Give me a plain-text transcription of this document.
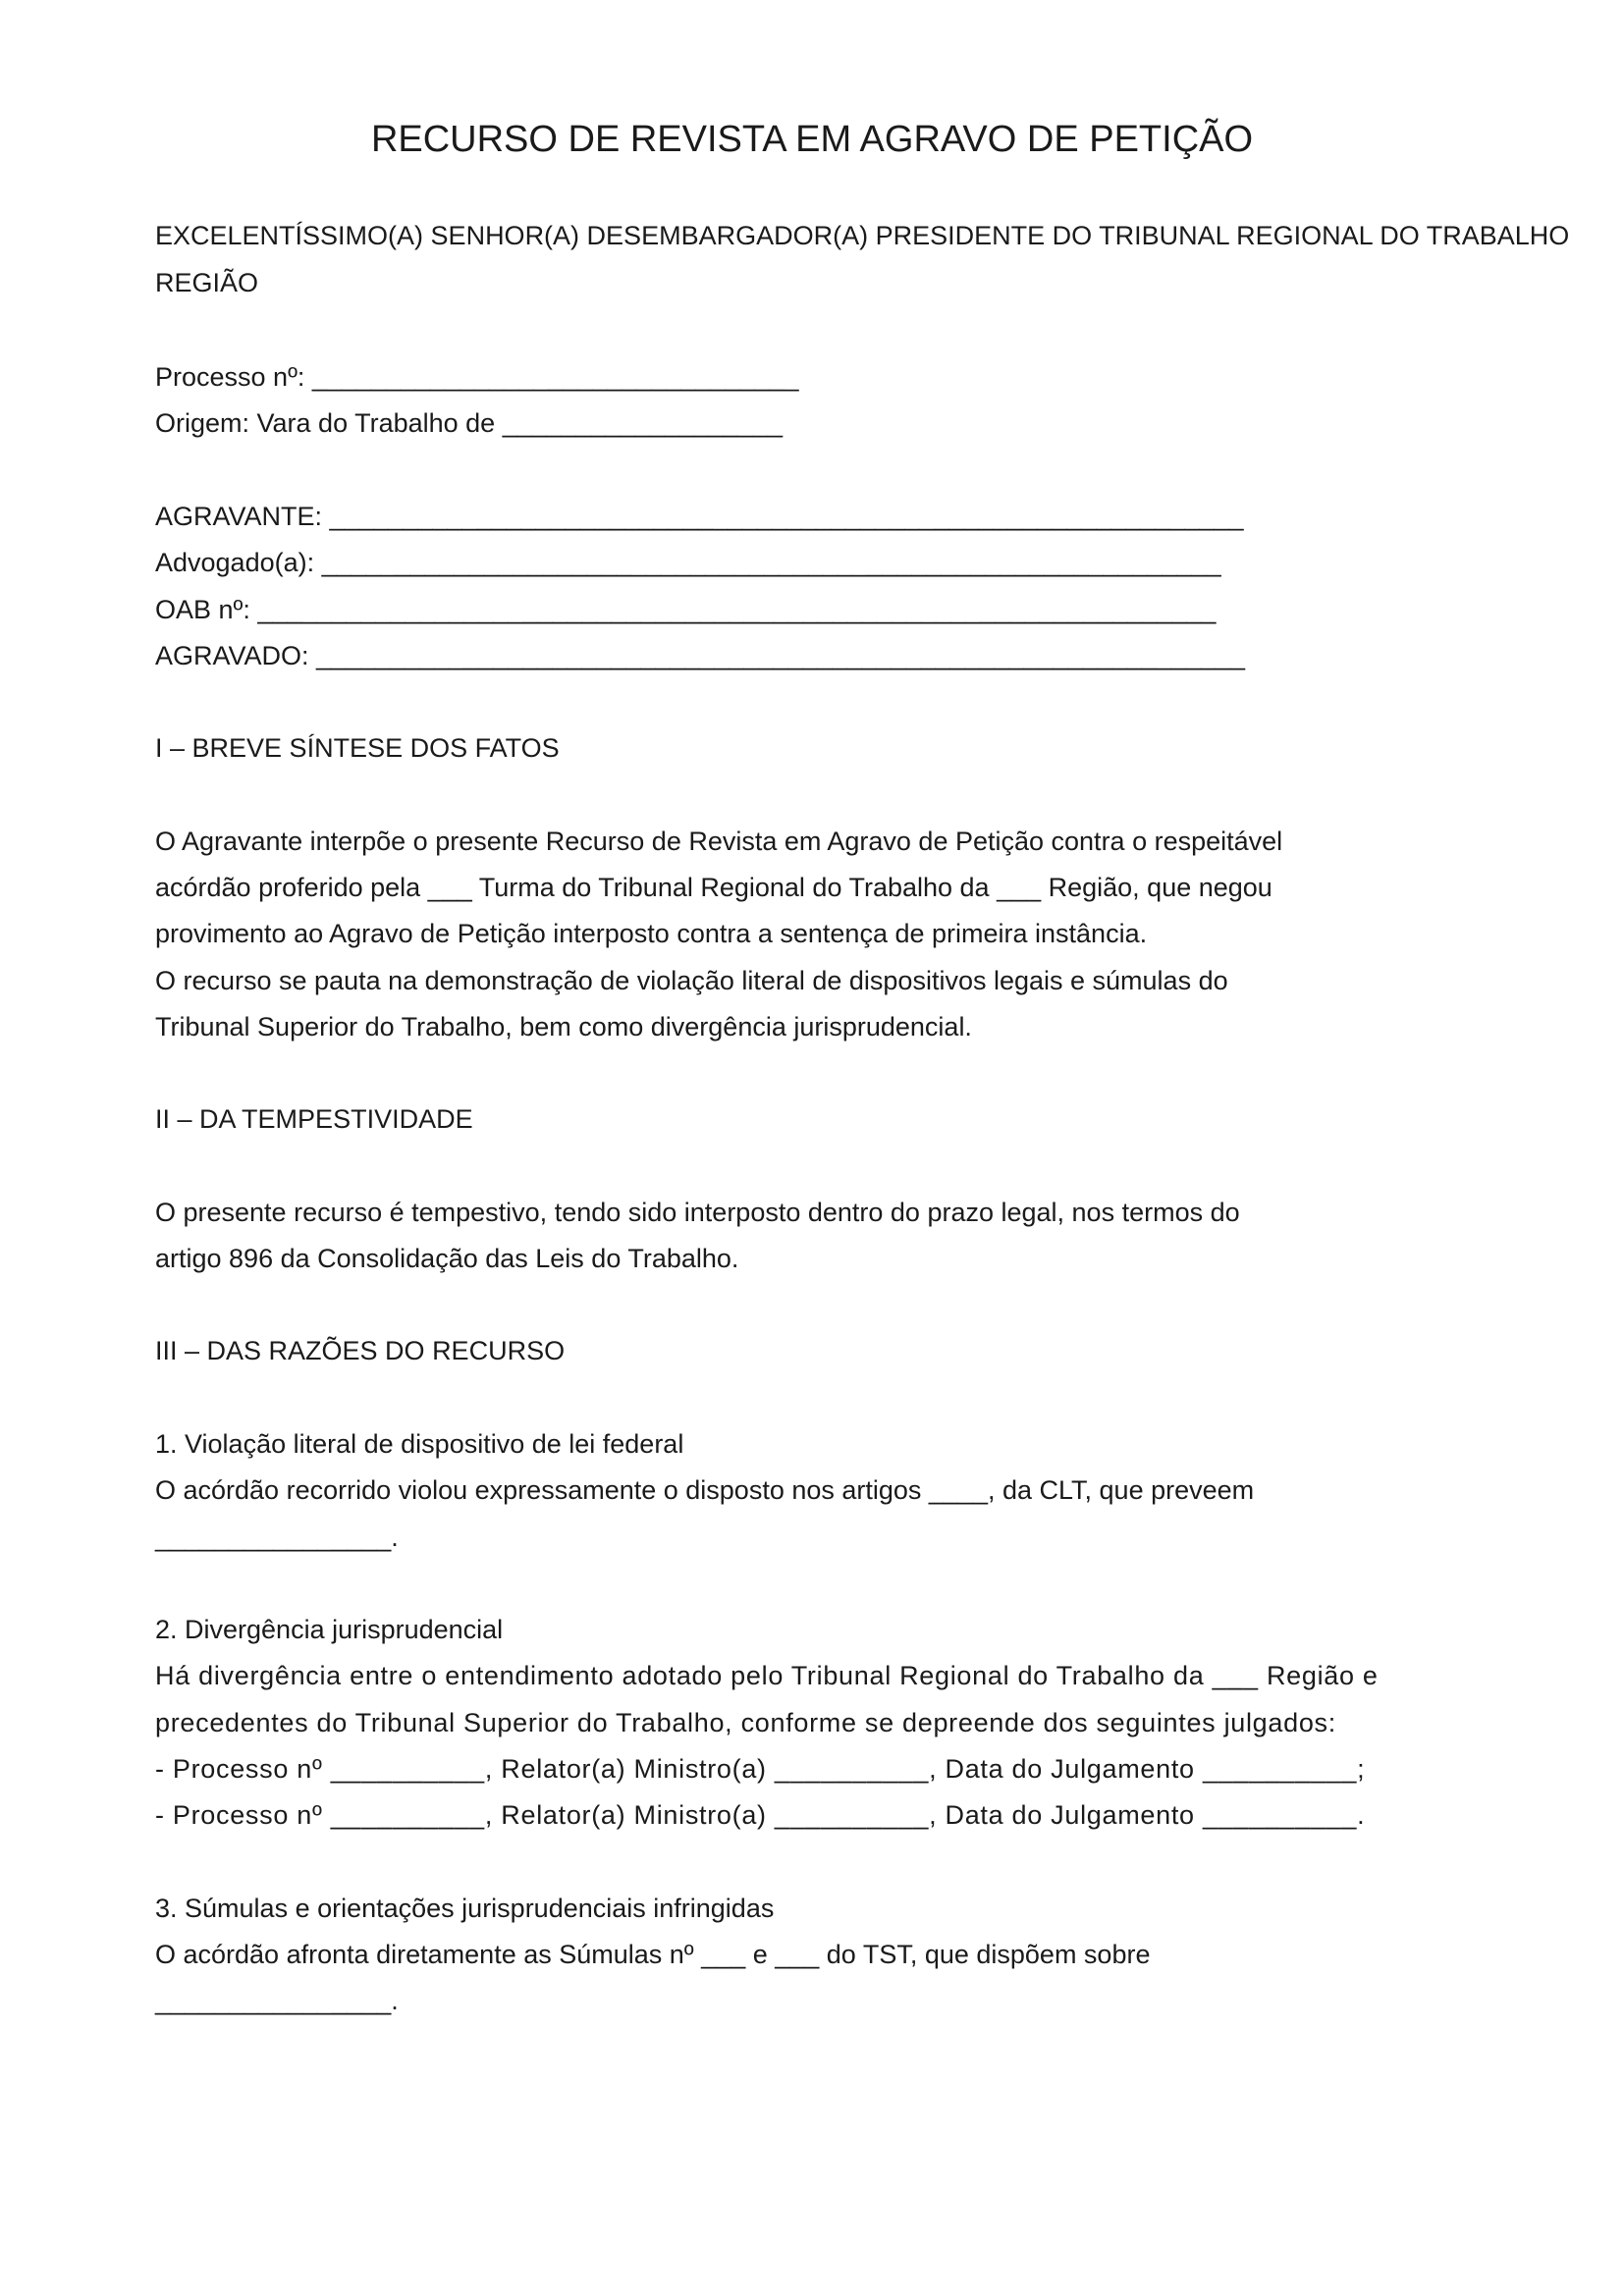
RECURSO DE REVISTA EM AGRAVO DE PETIÇÃO
EXCELENTÍSSIMO(A) SENHOR(A) DESEMBARGADOR(A) PRESIDENTE DO TRIBUNAL REGIONAL DO TRABALHO
REGIÃO
Processo nº: _________________________________
Origem: Vara do Trabalho de ___________________
AGRAVANTE: ______________________________________________________________
Advogado(a): _____________________________________________________________
OAB nº: _________________________________________________________________
AGRAVADO: _______________________________________________________________
I – BREVE SÍNTESE DOS FATOS
O Agravante interpõe o presente Recurso de Revista em Agravo de Petição contra o respeitável
acórdão proferido pela ___ Turma do Tribunal Regional do Trabalho da ___ Região, que negou
provimento ao Agravo de Petição interposto contra a sentença de primeira instância.
O recurso se pauta na demonstração de violação literal de dispositivos legais e súmulas do
Tribunal Superior do Trabalho, bem como divergência jurisprudencial.
II – DA TEMPESTIVIDADE
O presente recurso é tempestivo, tendo sido interposto dentro do prazo legal, nos termos do
artigo 896 da Consolidação das Leis do Trabalho.
III – DAS RAZÕES DO RECURSO
1. Violação literal de dispositivo de lei federal
O acórdão recorrido violou expressamente o disposto nos artigos ____, da CLT, que preveem
________________.
2. Divergência jurisprudencial
Há divergência entre o entendimento adotado pelo Tribunal Regional do Trabalho da ___ Região e
precedentes do Tribunal Superior do Trabalho, conforme se depreende dos seguintes julgados:
- Processo nº __________, Relator(a) Ministro(a) __________, Data do Julgamento __________;
- Processo nº __________, Relator(a) Ministro(a) __________, Data do Julgamento __________.
3. Súmulas e orientações jurisprudenciais infringidas
O acórdão afronta diretamente as Súmulas nº ___ e ___ do TST, que dispõem sobre
________________.
